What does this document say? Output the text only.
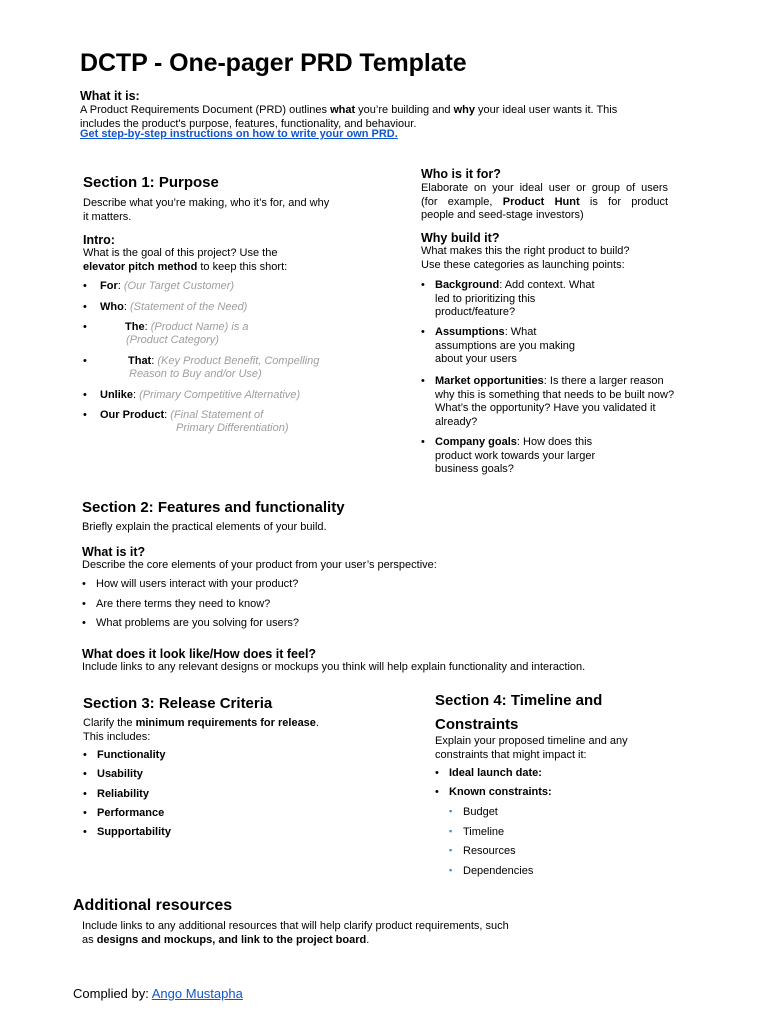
DCTP - One-pager PRD Template
What it is:

A Product Requirements Document (PRD) outlines what you’re building and why your ideal user wants it. This

includes the product's purpose, features, functionality, and behaviour.

Get step-by-step instructions on how to write your own PRD.
Section 1: Purpose

Describe what you’re making, who it’s for, and why

it matters.

Intro:

What is the goal of this project? Use the

elevator pitch method to keep this short:

• For: (Our Target Customer)
• Who: (Statement of the Need)
•	The: (Product Name) is a
(Product Category)
•	That: (Key Product Benefit, Compelling
Reason to Buy and/or Use)
• Unlike: (Primary Competitive Alternative)
• Our Product: (Final Statement of
Primary Differentiation)
Who is it for?

Elaborate on your ideal user or group of users

(for example, Product Hunt is for product

people and seed-stage investors)

Why build it?

What makes this the right product to build?

Use these categories as launching points:

• Background: Add context. What

led to prioritizing this

product/feature?

• Assumptions: What

assumptions are you making

about your users

• Market opportunities: Is there a larger reason

why this is something that needs to be built now?

What’s the opportunity? Have you validated it

already?

• Company goals: How does this

product work towards your larger

business goals?

Section 2: Features and functionality
Briefly explain the practical elements of your build.
What is it?
Describe the core elements of your product from your user’s perspective:
• How will users interact with your product?
• Are there terms they need to know?
• What problems are you solving for users?
What does it look like/How does it feel?
Include links to any relevant designs or mockups you think will help explain functionality and interaction.
Section 3: Release Criteria

Clarify the minimum requirements for release.

This includes:

• Functionality
• Usability
• Reliability
• Performance
• Supportability

Section 4: Timeline and

Constraints

Explain your proposed timeline and any

constraints that might impact it:

• Ideal launch date:
• Known constraints:
▪ Budget
▪ Timeline
▪ Resources
▪ Dependencies
Additional resources

Include links to any additional resources that will help clarify product requirements, such

as designs and mockups, and link to the project board.

Complied by: Ango Mustapha
